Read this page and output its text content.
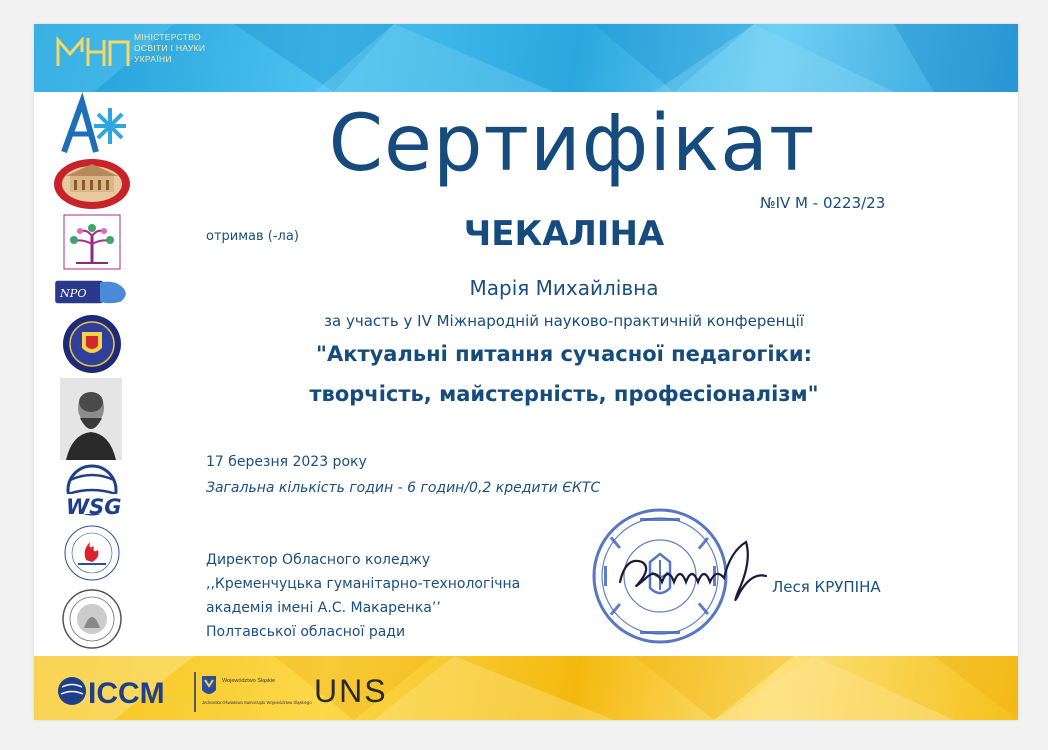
МІНІСТЕРСТВО
ОСВІТИ І НАУКИ
УКРАЇНИ
NPO
WSG
Сертифікат
№IV М - 0223/23
отримав (-ла)	ЧЕКАЛІНА
Марія Михайлівна
за участь у IV Міжнародній науково-практичній конференції
"Актуальні питання сучасної педагогіки:
творчість, майстерність, професіоналізм"
17 березня 2023 року
Загальна кількість годин - 6 годин/0,2 кредити ЄКТС
Директор Обласного коледжу
,,Кременчуцька гуманітарно-технологічна
академія імені А.С. Макаренка’’
Полтавської обласної ради
Леся КРУПІНА
ICCM	Województwo Śląskie
Jednostka Oświatowa Samorządu Województwa Śląskiego UNS
